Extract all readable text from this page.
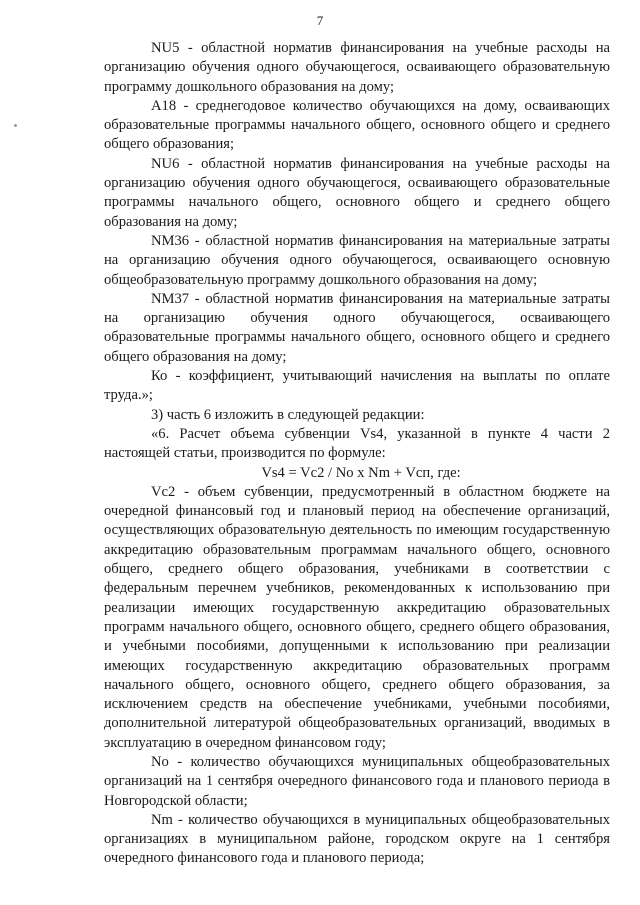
7

NU5 - областной норматив финансирования на учебные расходы на организацию обучения одного обучающегося, осваивающего образовательную программу дошкольного образования на дому;

A18 - среднегодовое количество обучающихся на дому, осваивающих образовательные программы начального общего, основного общего и среднего общего образования;

NU6 - областной норматив финансирования на учебные расходы на организацию обучения одного обучающегося, осваивающего образовательные программы начального общего, основного общего и среднего общего образования на дому;

NM36 - областной норматив финансирования на материальные затраты на организацию обучения одного обучающегося, осваивающего основную общеобразовательную программу дошкольного образования на дому;

NM37 - областной норматив финансирования на материальные затраты на организацию обучения одного обучающегося, осваивающего образовательные программы начального общего, основного общего и среднего общего образования на дому;

Ко - коэффициент, учитывающий начисления на выплаты по оплате труда.»;

3) часть 6 изложить в следующей редакции:

«6. Расчет объема субвенции Vs4, указанной в пункте 4 части 2 настоящей статьи, производится по формуле:

Vs4 = Vс2 / Nо x Nm + Vсп, где:

Vс2 - объем субвенции, предусмотренный в областном бюджете на очередной финансовый год и плановый период на обеспечение организаций, осуществляющих образовательную деятельность по имеющим государственную аккредитацию образовательным программам начального общего, основного общего, среднего общего образования, учебниками в соответствии с федеральным перечнем учебников, рекомендованных к использованию при реализации имеющих государственную аккредитацию образовательных программ начального общего, основного общего, среднего общего образования, и учебными пособиями, допущенными к использованию при реализации имеющих государственную аккредитацию образовательных программ начального общего, основного общего, среднего общего образования, за исключением средств на обеспечение учебниками, учебными пособиями, дополнительной литературой общеобразовательных организаций, вводимых в эксплуатацию в очередном финансовом году;

Nо - количество обучающихся муниципальных общеобразовательных организаций на 1 сентября очередного финансового года и планового периода в Новгородской области;

Nm - количество обучающихся в муниципальных общеобразовательных организациях в муниципальном районе, городском округе на 1 сентября очередного финансового года и планового периода;
